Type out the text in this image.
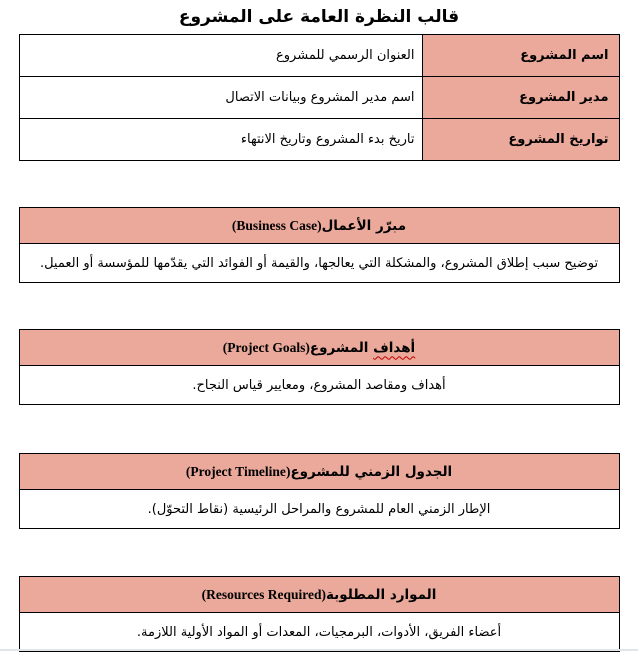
قالب النظرة العامة على المشروع
اسم المشروع	العنوان الرسمي للمشروع
مدير المشروع	اسم مدير المشروع وبيانات الاتصال
تواريخ المشروع	تاريخ بدء المشروع وتاريخ الانتهاء
مبرّر الأعمال(Business Case)
توضيح سبب إطلاق المشروع، والمشكلة التي يعالجها، والقيمة أو الفوائد التي يقدّمها للمؤسسة أو العميل.
أهداف المشروع(Project Goals)
أهداف ومقاصد المشروع، ومعايير قياس النجاح.
الجدول الزمني للمشروع(Project Timeline)
الإطار الزمني العام للمشروع والمراحل الرئيسية (نقاط التحوّل).
الموارد المطلوبة(Resources Required)
أعضاء الفريق، الأدوات، البرمجيات، المعدات أو المواد الأولية اللازمة.
